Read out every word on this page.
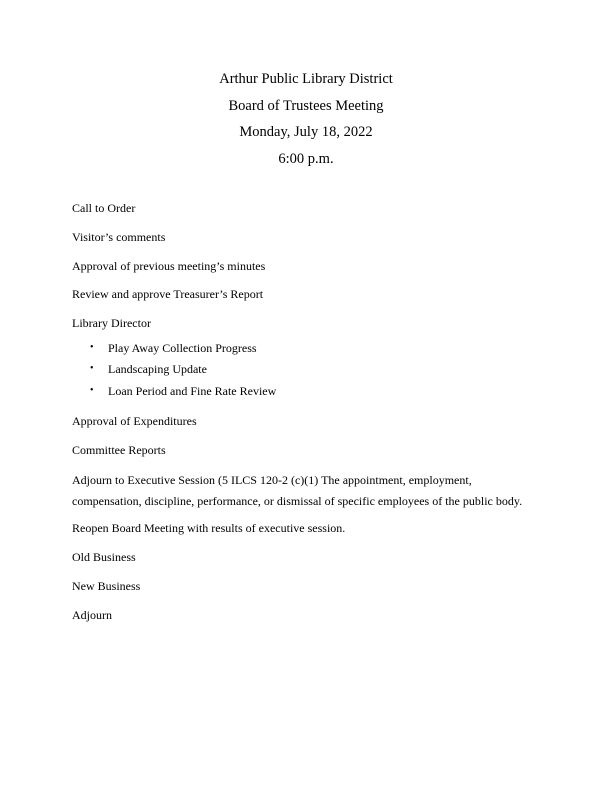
Arthur Public Library District
Board of Trustees Meeting
Monday, July 18, 2022
6:00 p.m.
Call to Order
Visitor’s comments
Approval of previous meeting’s minutes
Review and approve Treasurer’s Report
Library Director
•	Play Away Collection Progress
•	Landscaping Update
•	Loan Period and Fine Rate Review
Approval of Expenditures
Committee Reports
Adjourn to Executive Session (5 ILCS 120-2 (c)(1) The appointment, employment, compensation, discipline, performance, or dismissal of specific employees of the public body.
Reopen Board Meeting with results of executive session.
Old Business
New Business
Adjourn
